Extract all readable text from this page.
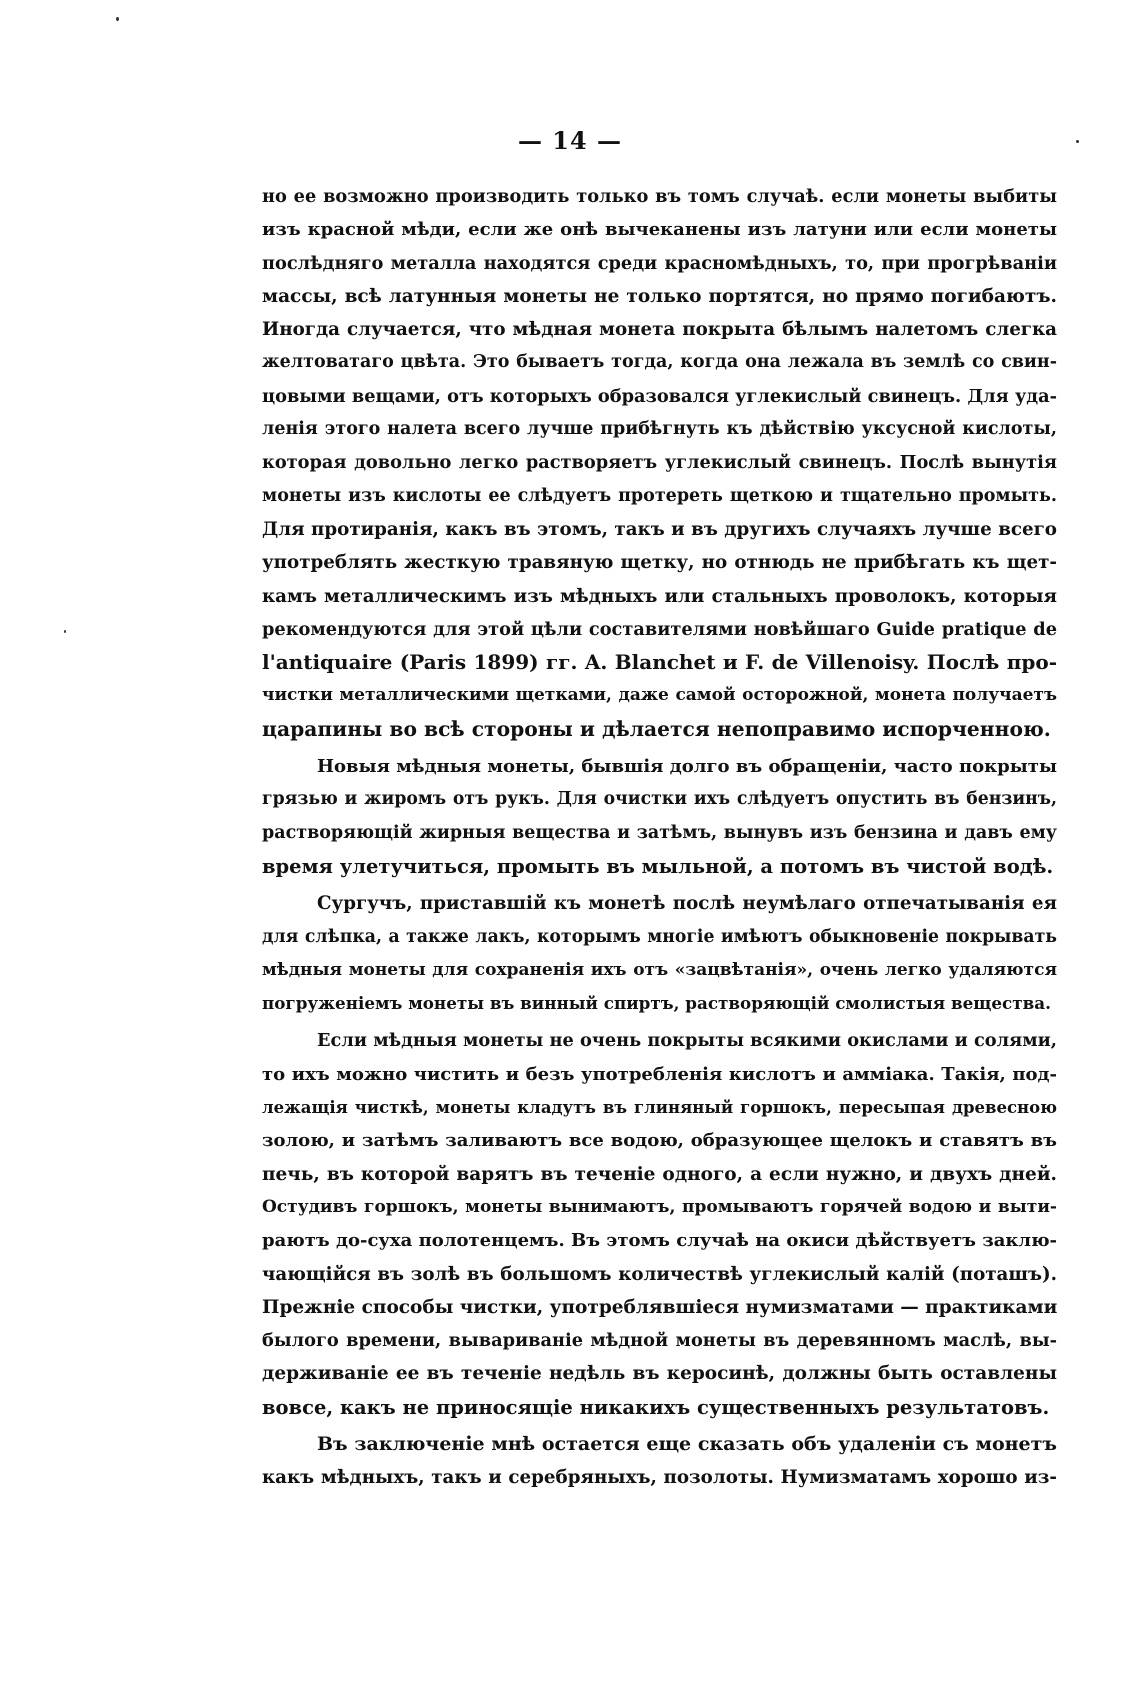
— 14 —
но ее возможно производить только въ томъ случаѣ. если монеты выбиты
изъ красной мѣди, если же онѣ вычеканены изъ латуни или если монеты
послѣдняго металла находятся среди красномѣдныхъ, то, при прогрѣваніи
массы, всѣ латунныя монеты не только портятся, но прямо погибаютъ.
Иногда случается, что мѣдная монета покрыта бѣлымъ налетомъ слегка
желтоватаго цвѣта. Это бываетъ тогда, когда она лежала въ землѣ со свин-
цовыми вещами, отъ которыхъ образовался углекислый свинецъ. Для уда-
ленія этого налета всего лучше прибѣгнуть къ дѣйствію уксусной кислоты,
которая довольно легко растворяетъ углекислый свинецъ. Послѣ вынутія
монеты изъ кислоты ее слѣдуетъ протереть щеткою и тщательно промыть.
Для протиранія, какъ въ этомъ, такъ и въ другихъ случаяхъ лучше всего
употреблять жесткую травяную щетку, но отнюдь не прибѣгать къ щет-
камъ металлическимъ изъ мѣдныхъ или стальныхъ проволокъ, которыя
рекомендуются для этой цѣли составителями новѣйшаго Guide pratique de
l'antiquaire (Paris 1899) гг. A. Blanchet и F. de Villenoisy. Послѣ про-
чистки металлическими щетками, даже самой осторожной, монета получаетъ
царапины во всѣ стороны и дѣлается непоправимо испорченною.
Новыя мѣдныя монеты, бывшія долго въ обращеніи, часто покрыты
грязью и жиромъ отъ рукъ. Для очистки ихъ слѣдуетъ опустить въ бензинъ,
растворяющій жирныя вещества и затѣмъ, вынувъ изъ бензина и давъ ему
время улетучиться, промыть въ мыльной, а потомъ въ чистой водѣ.
Сургучъ, приставшій къ монетѣ послѣ неумѣлаго отпечатыванія ея
для слѣпка, а также лакъ, которымъ многіе имѣютъ обыкновеніе покрывать
мѣдныя монеты для сохраненія ихъ отъ «зацвѣтанія», очень легко удаляются
погруженіемъ монеты въ винный спиртъ, растворяющій смолистыя вещества.
Если мѣдныя монеты не очень покрыты всякими окислами и солями,
то ихъ можно чистить и безъ употребленія кислотъ и амміака. Такія, под-
лежащія чисткѣ, монеты кладутъ въ глиняный горшокъ, пересыпая древесною
золою, и затѣмъ заливаютъ все водою, образующее щелокъ и ставятъ въ
печь, въ которой варятъ въ теченіе одного, а если нужно, и двухъ дней.
Остудивъ горшокъ, монеты вынимаютъ, промываютъ горячей водою и выти-
раютъ до-суха полотенцемъ. Въ этомъ случаѣ на окиси дѣйствуетъ заклю-
чающійся въ золѣ въ большомъ количествѣ углекислый калій (поташъ).
Прежніе способы чистки, употреблявшіеся нумизматами — практиками
былого времени, вывариваніе мѣдной монеты въ деревянномъ маслѣ, вы-
держиваніе ее въ теченіе недѣль въ керосинѣ, должны быть оставлены
вовсе, какъ не приносящіе никакихъ существенныхъ результатовъ.
Въ заключеніе мнѣ остается еще сказать объ удаленіи съ монетъ
какъ мѣдныхъ, такъ и серебряныхъ, позолоты. Нумизматамъ хорошо из-
